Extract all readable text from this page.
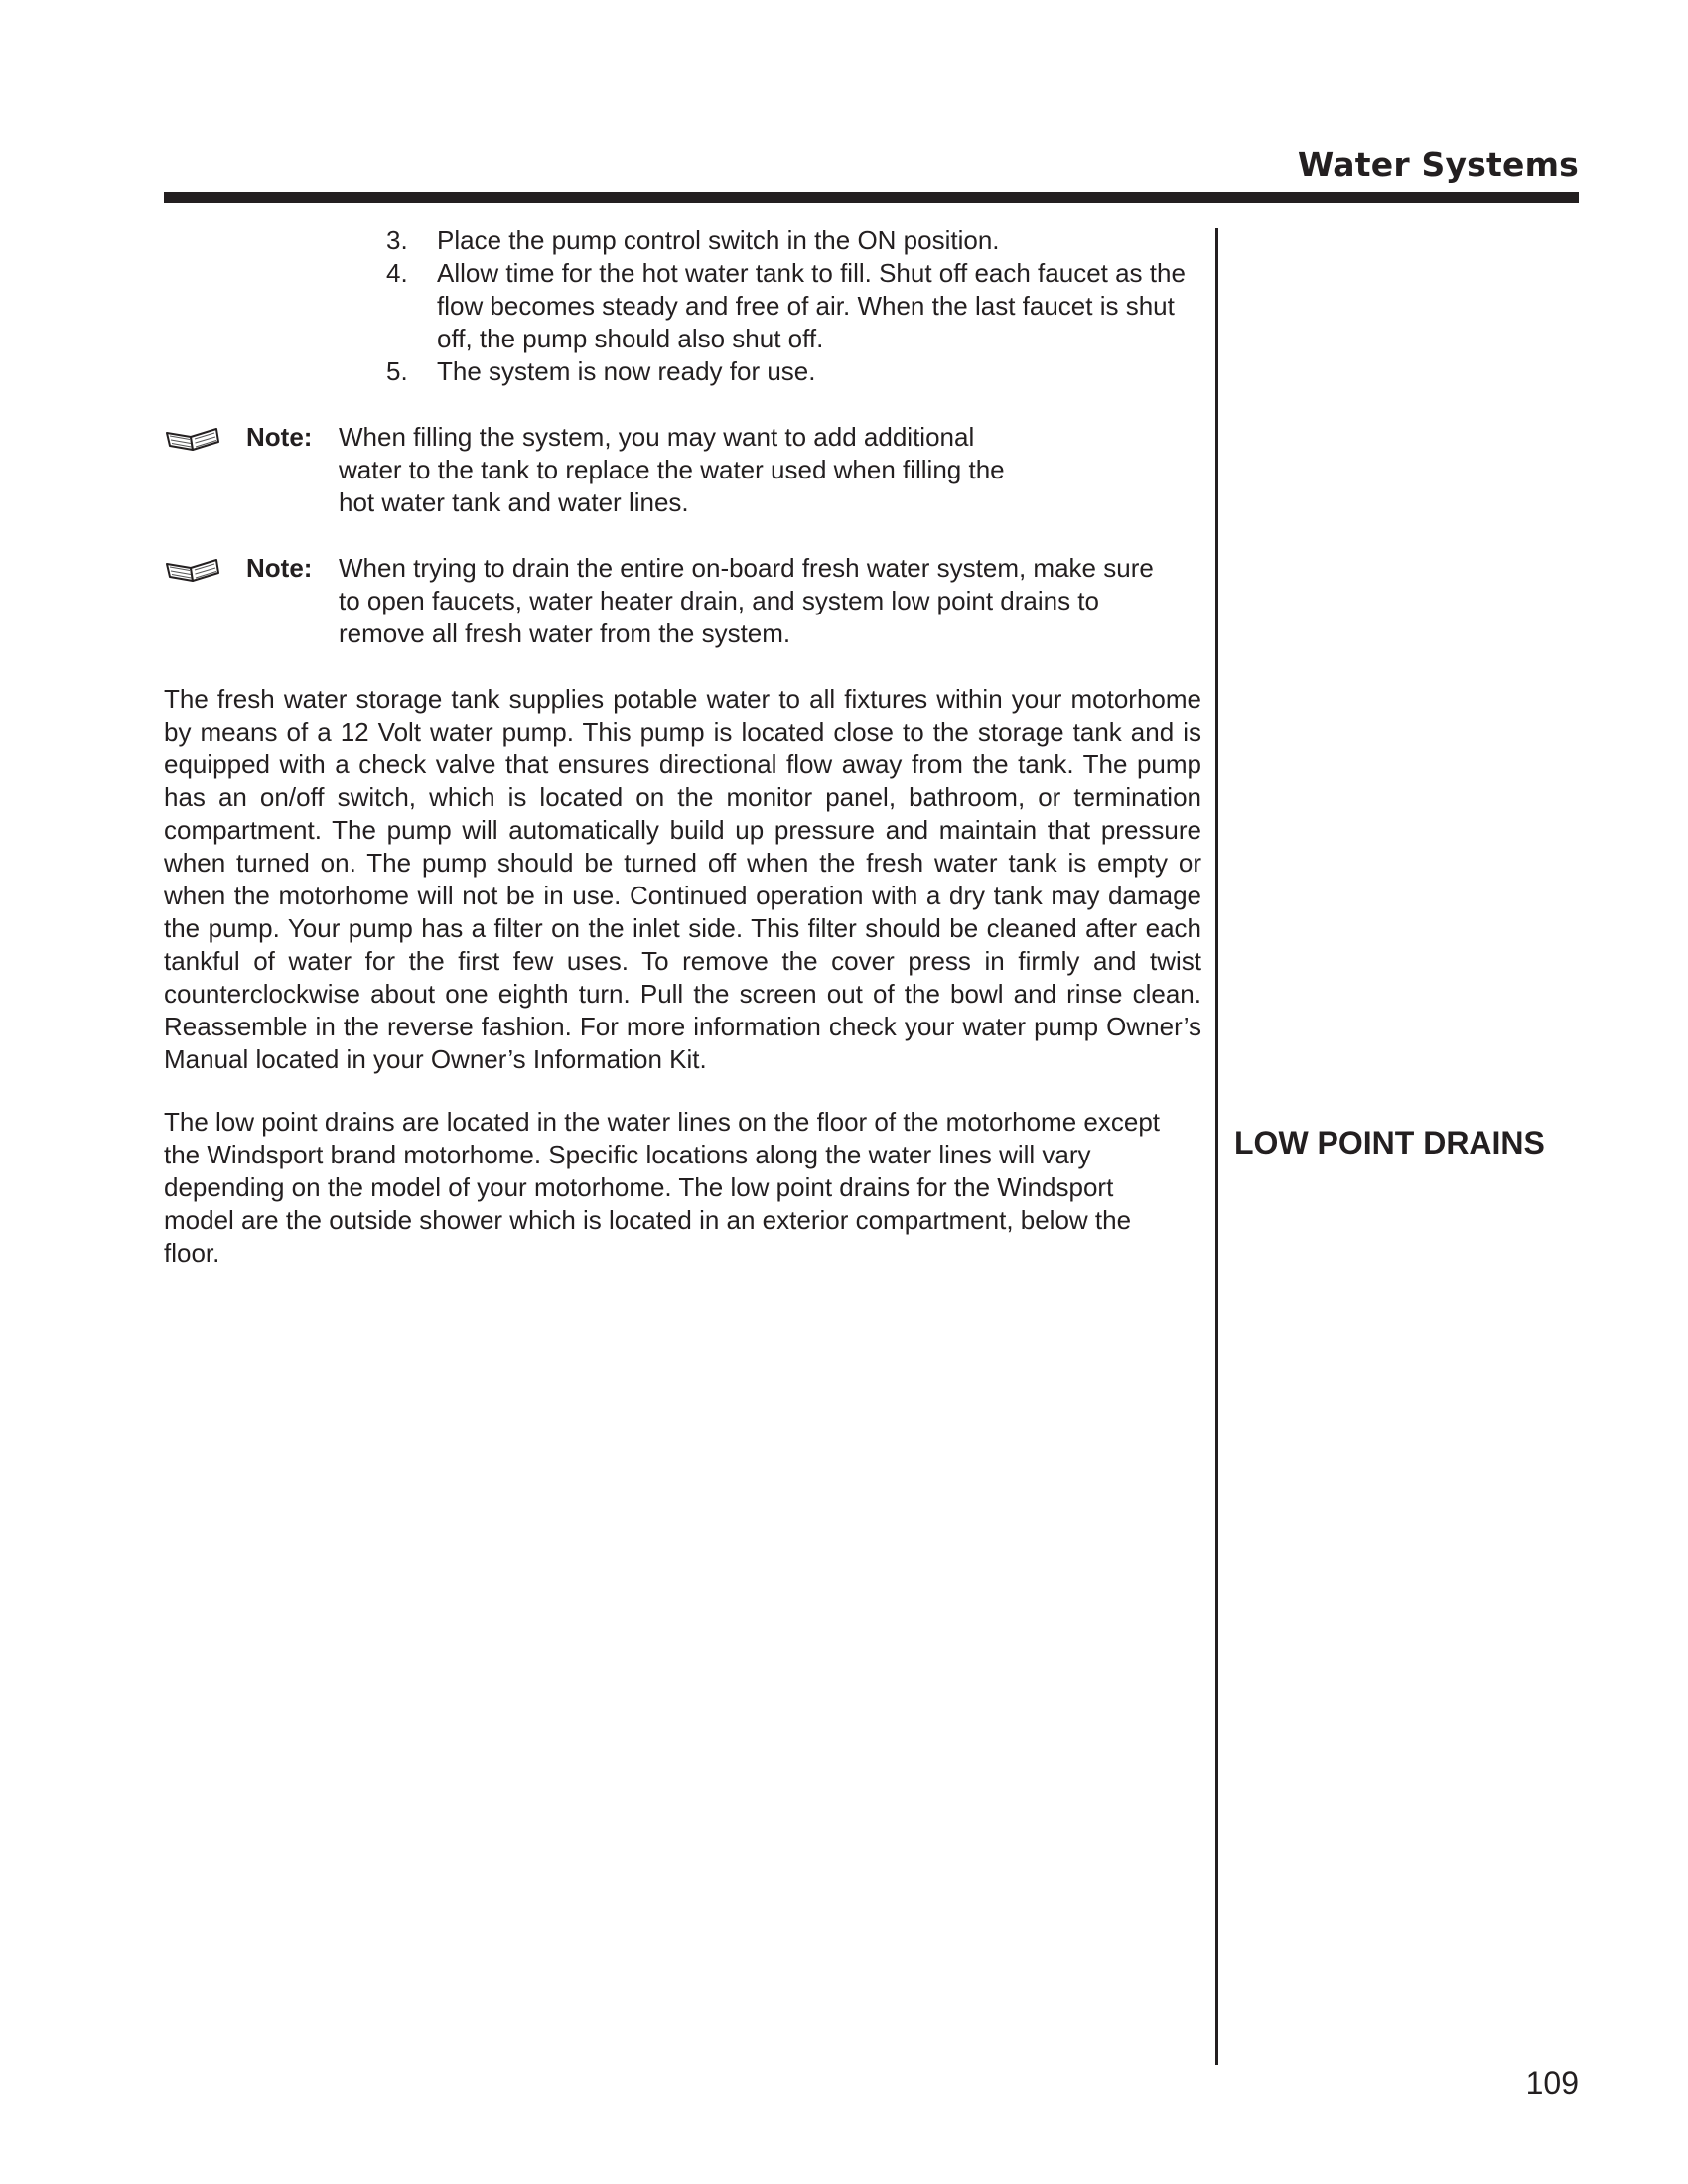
Water Systems
3.	Place the pump control switch in the ON position.
4.	Allow time for the hot water tank to fill. Shut off each faucet as the flow becomes steady and free of air. When the last faucet is shut off, the pump should also shut off.
5.	The system is now ready for use.
Note:	When filling the system, you may want to add additional water to the tank to replace the water used when filling the hot water tank and water lines.
Note:	When trying to drain the entire on-board fresh water system, make sure to open faucets, water heater drain, and system low point drains to remove all fresh water from the system.

The fresh water storage tank supplies potable water to all fixtures within your motorhome by means of a 12 Volt water pump. This pump is located close to the storage tank and is equipped with a check valve that ensures directional flow away from the tank. The pump has an on/off switch, which is located on the monitor panel, bathroom, or termination compartment. The pump will automatically build up pressure and maintain that pressure when turned on. The pump should be turned off when the fresh water tank is empty or when the motorhome will not be in use. Continued operation with a dry tank may damage the pump. Your pump has a filter on the inlet side. This filter should be cleaned after each tankful of water for the first few uses. To remove the cover press in firmly and twist counterclockwise about one eighth turn. Pull the screen out of the bowl and rinse clean. Reassemble in the reverse fashion. For more information check your water pump Owner’s Manual located in your Owner’s Information Kit.

The low point drains are located in the water lines on the floor of the motorhome except the Windsport brand motorhome. Specific locations along the water lines will vary depending on the model of your motorhome. The low point drains for the Windsport model are the outside shower which is located in an exterior compartment, below the floor.

LOW POINT DRAINS
109
